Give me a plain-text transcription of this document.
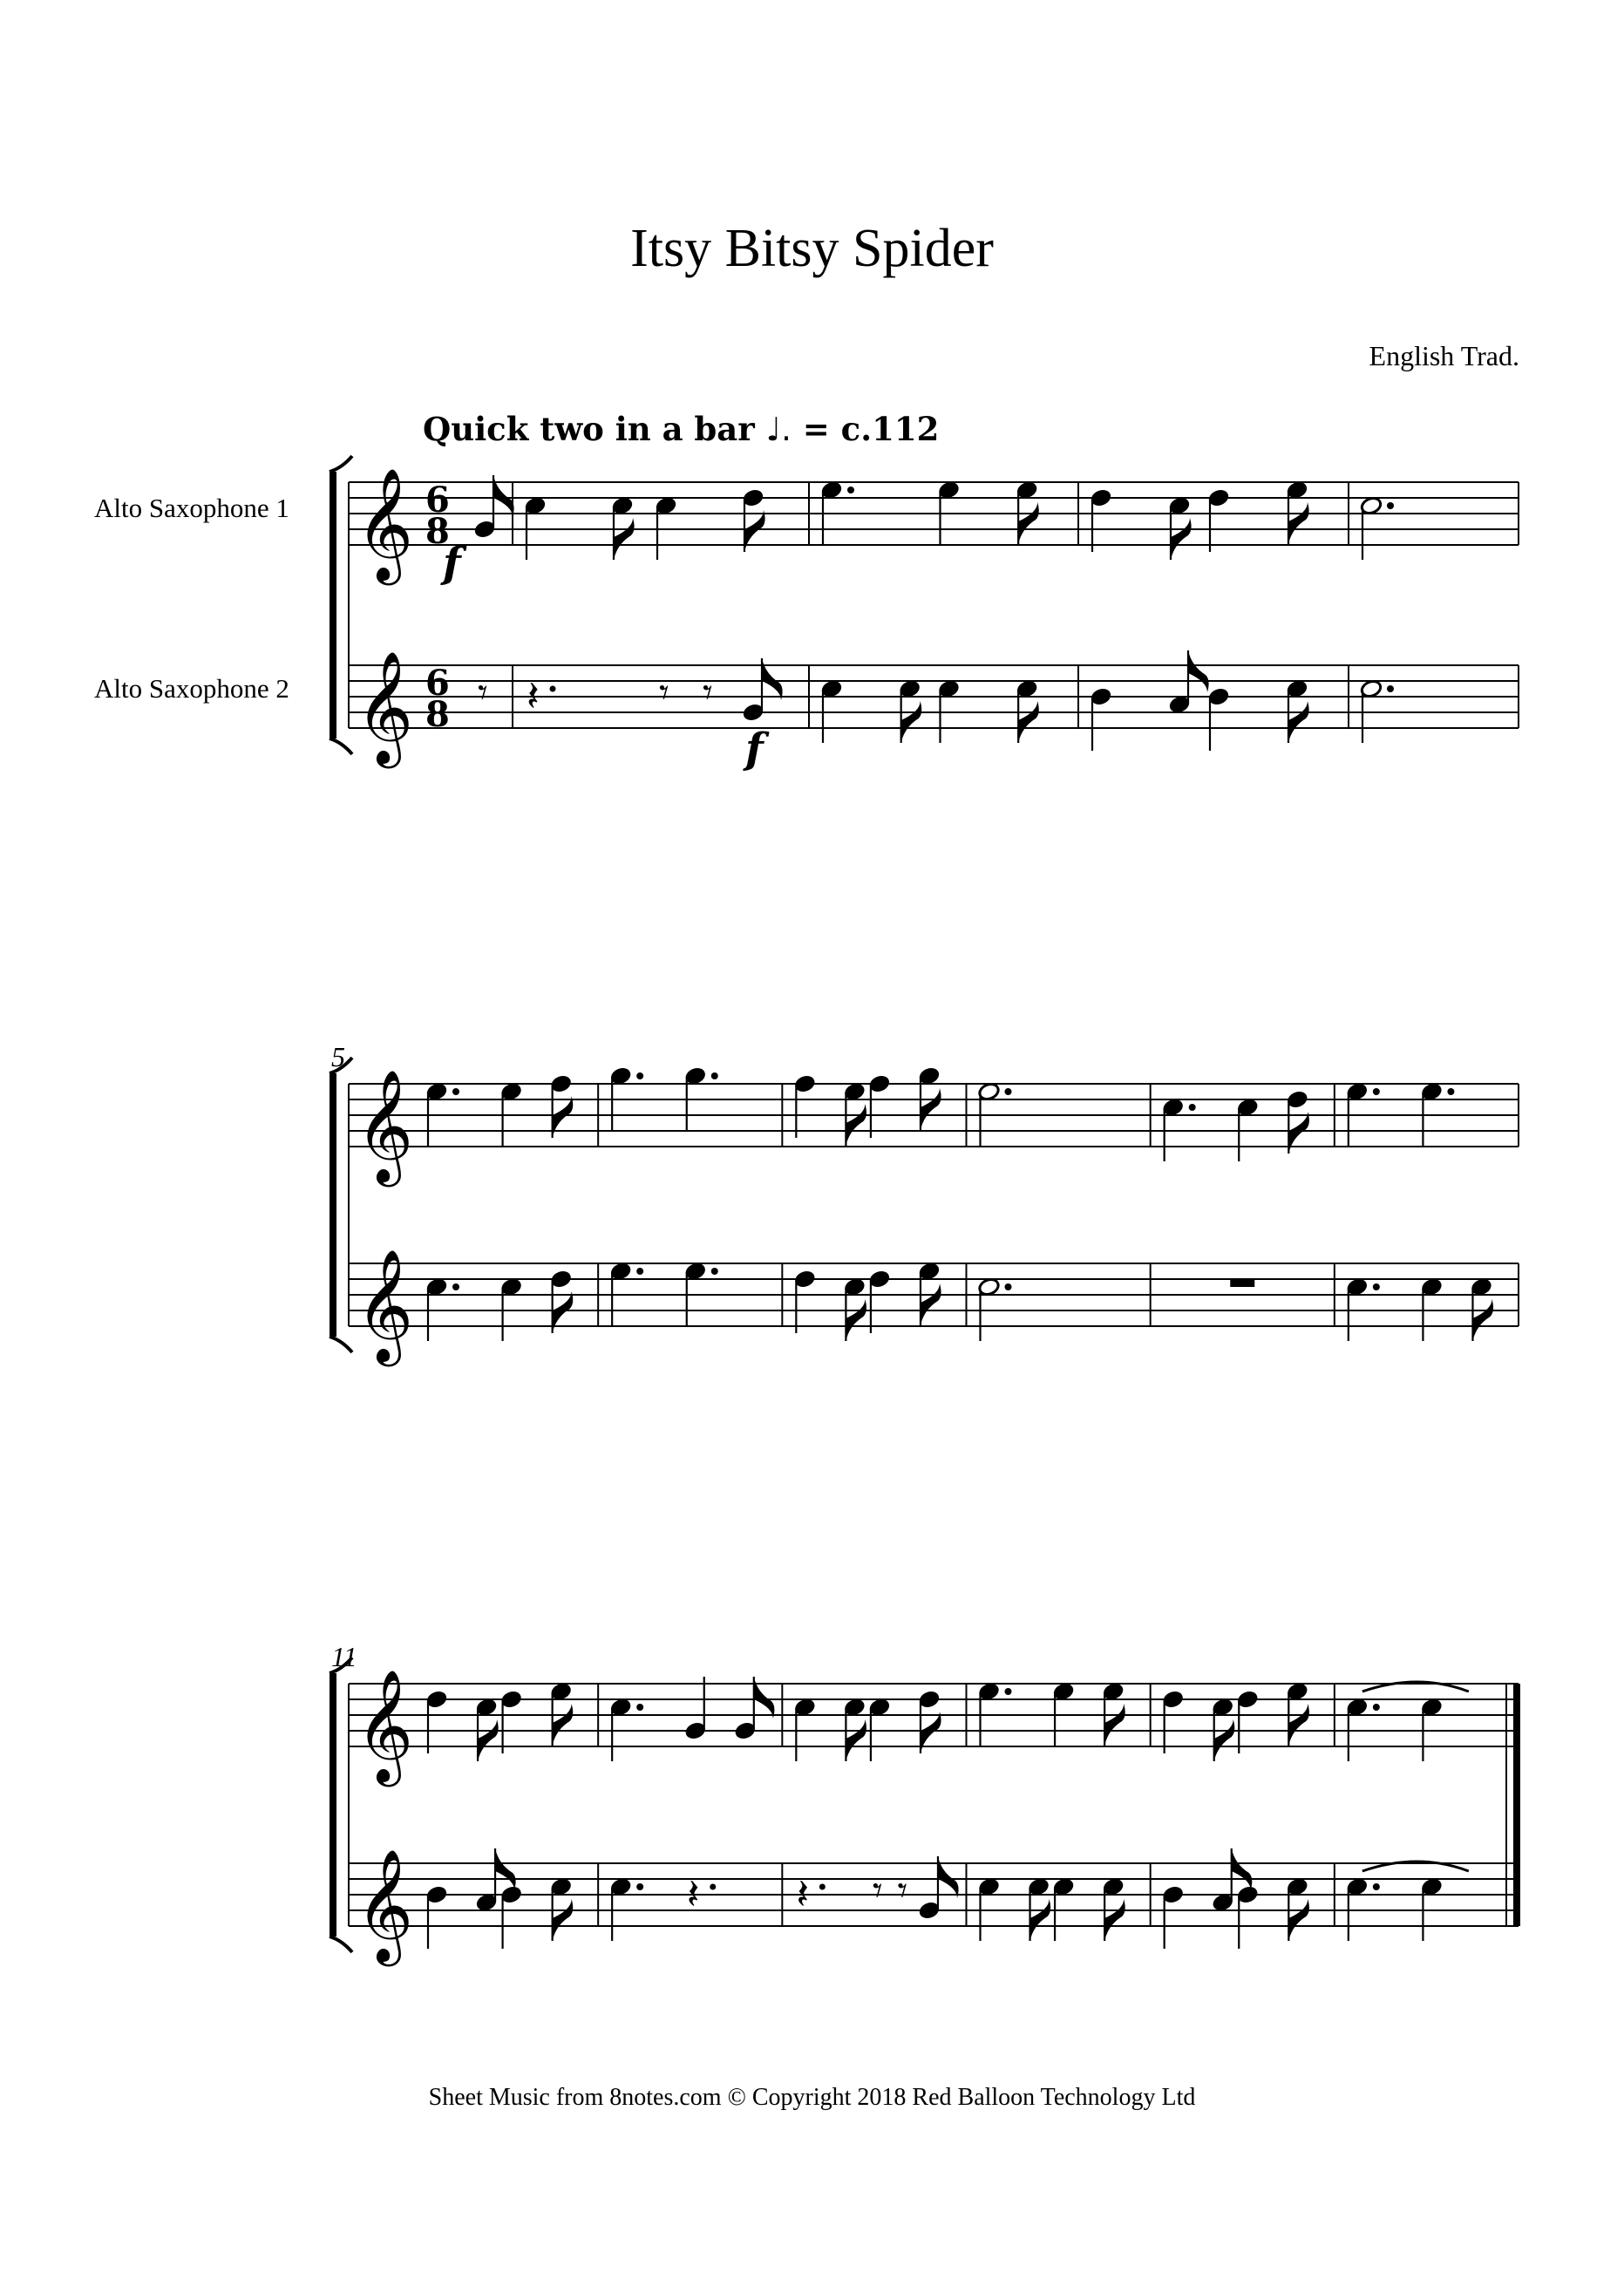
Itsy Bitsy Spider
English Trad.
Quick two in a bar ♩. = c.112
Alto Saxophone 1
Alto Saxophone 2
𝄞 6
8
𝄞 6
8 𝄾 𝄽	𝄾 𝄾
5
𝄞
𝄞
11
𝄞
𝄞	𝄽 𝄽 𝄾 𝄾
f
f
Sheet Music from 8notes.com © Copyright 2018 Red Balloon Technology Ltd
